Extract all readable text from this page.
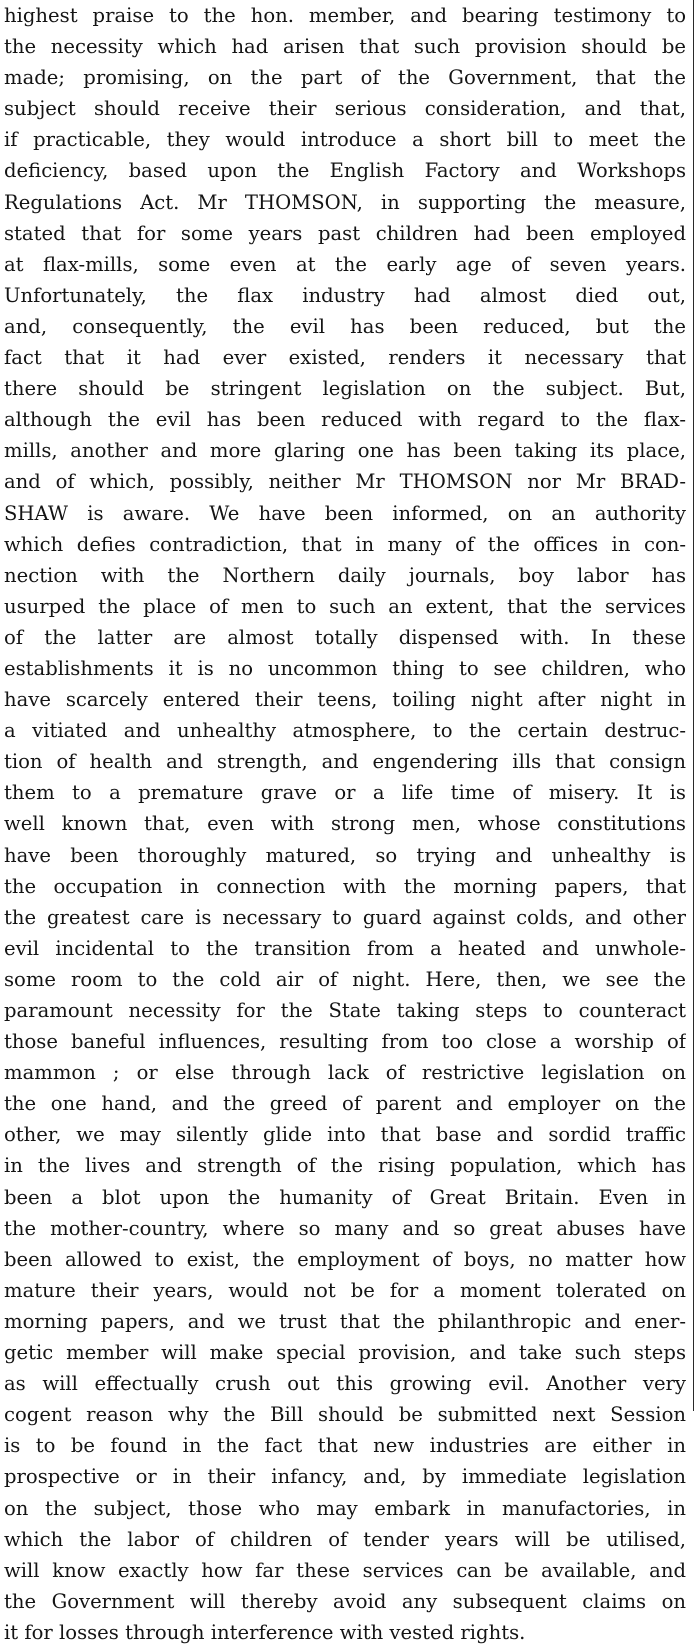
highest praise to the hon. member, and bearing testimony to
the necessity which had arisen that such provision should be
made; promising, on the part of the Government, that the
subject should receive their serious consideration, and that,
if practicable, they would introduce a short bill to meet the
deficiency, based upon the English Factory and Workshops
Regulations Act. Mr THOMSON, in supporting the measure,
stated that for some years past children had been employed
at flax-mills, some even at the early age of seven years.
Unfortunately, the flax industry had almost died out,
and, consequently, the evil has been reduced, but the
fact that it had ever existed, renders it necessary that
there should be stringent legislation on the subject. But,
although the evil has been reduced with regard to the flax-
mills, another and more glaring one has been taking its place,
and of which, possibly, neither Mr THOMSON nor Mr BRAD-
SHAW is aware. We have been informed, on an authority
which defies contradiction, that in many of the offices in con-
nection with the Northern daily journals, boy labor has
usurped the place of men to such an extent, that the services
of the latter are almost totally dispensed with. In these
establishments it is no uncommon thing to see children, who
have scarcely entered their teens, toiling night after night in
a vitiated and unhealthy atmosphere, to the certain destruc-
tion of health and strength, and engendering ills that consign
them to a premature grave or a life time of misery. It is
well known that, even with strong men, whose constitutions
have been thoroughly matured, so trying and unhealthy is
the occupation in connection with the morning papers, that
the greatest care is necessary to guard against colds, and other
evil incidental to the transition from a heated and unwhole-
some room to the cold air of night. Here, then, we see the
paramount necessity for the State taking steps to counteract
those baneful influences, resulting from too close a worship of
mammon ; or else through lack of restrictive legislation on
the one hand, and the greed of parent and employer on the
other, we may silently glide into that base and sordid traffic
in the lives and strength of the rising population, which has
been a blot upon the humanity of Great Britain. Even in
the mother-country, where so many and so great abuses have
been allowed to exist, the employment of boys, no matter how
mature their years, would not be for a moment tolerated on
morning papers, and we trust that the philanthropic and ener-
getic member will make special provision, and take such steps
as will effectually crush out this growing evil. Another very
cogent reason why the Bill should be submitted next Session
is to be found in the fact that new industries are either in
prospective or in their infancy, and, by immediate legislation
on the subject, those who may embark in manufactories, in
which the labor of children of tender years will be utilised,
will know exactly how far these services can be available, and
the Government will thereby avoid any subsequent claims on
it for losses through interference with vested rights.
